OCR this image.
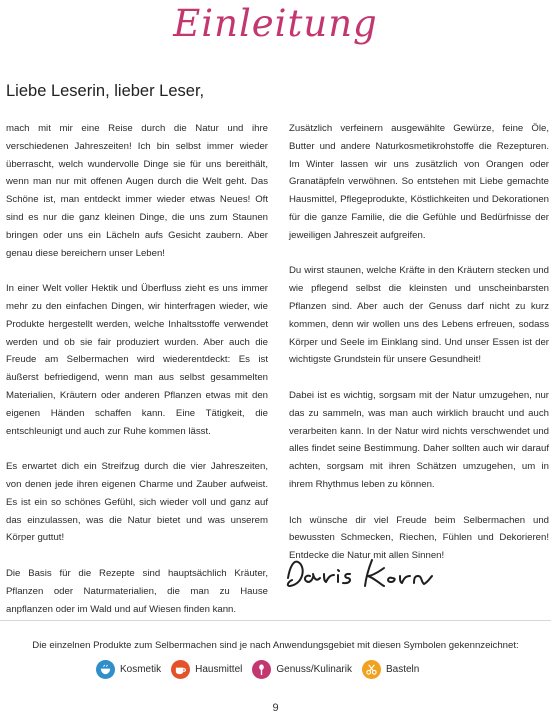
Einleitung
Liebe Leserin, lieber Leser,

mach mit mir eine Reise durch die Natur und ihre verschiedenen Jahreszeiten! Ich bin selbst immer wieder überrascht, welch wundervolle Dinge sie für uns bereithält, wenn man nur mit offenen Augen durch die Welt geht. Das Schöne ist, man entdeckt immer wieder etwas Neues! Oft sind es nur die ganz kleinen Dinge, die uns zum Staunen bringen oder uns ein Lächeln aufs Gesicht zaubern. Aber genau diese bereichern unser Leben!

In einer Welt voller Hektik und Überfluss zieht es uns immer mehr zu den einfachen Dingen, wir hinterfragen wieder, wie Produkte hergestellt werden, welche Inhaltsstoffe verwendet werden und ob sie fair produziert wurden. Aber auch die Freude am Selbermachen wird wiederentdeckt: Es ist äußerst befriedigend, wenn man aus selbst gesammelten Materialien, Kräutern oder anderen Pflanzen etwas mit den eigenen Händen schaffen kann. Eine Tätigkeit, die entschleunigt und auch zur Ruhe kommen lässt.

Es erwartet dich ein Streifzug durch die vier Jahreszeiten, von denen jede ihren eigenen Charme und Zauber aufweist. Es ist ein so schönes Gefühl, sich wieder voll und ganz auf das einzulassen, was die Natur bietet und was unserem Körper guttut!

Die Basis für die Rezepte sind hauptsächlich Kräuter, Pflanzen oder Naturmaterialien, die man zu Hause anpflanzen oder im Wald und auf Wiesen finden kann.

Zusätzlich verfeinern ausgewählte Gewürze, feine Öle, Butter und andere Naturkosmetikrohstoffe die Rezepturen. Im Winter lassen wir uns zusätzlich von Orangen oder Granatäpfeln verwöhnen. So entstehen mit Liebe gemachte Hausmittel, Pflegeprodukte, Köstlichkeiten und Dekorationen für die ganze Familie, die die Gefühle und Bedürfnisse der jeweiligen Jahreszeit aufgreifen.

Du wirst staunen, welche Kräfte in den Kräutern stecken und wie pflegend selbst die kleinsten und unscheinbarsten Pflanzen sind. Aber auch der Genuss darf nicht zu kurz kommen, denn wir wollen uns des Lebens erfreuen, sodass Körper und Seele im Einklang sind. Und unser Essen ist der wichtigste Grundstein für unsere Gesundheit!

Dabei ist es wichtig, sorgsam mit der Natur umzugehen, nur das zu sammeln, was man auch wirklich braucht und auch verarbeiten kann. In der Natur wird nichts verschwendet und alles findet seine Bestimmung. Daher sollten auch wir darauf achten, sorgsam mit ihren Schätzen umzugehen, um in ihrem Rhythmus leben zu können.

Ich wünsche dir viel Freude beim Selbermachen und bewussten Schmecken, Riechen, Fühlen und Dekorieren! Entdecke die Natur mit allen Sinnen!

Die einzelnen Produkte zum Selbermachen sind je nach Anwendungsgebiet mit diesen Symbolen gekennzeichnet:
Kosmetik	Hausmittel	Genuss/Kulinarik	Basteln
9
